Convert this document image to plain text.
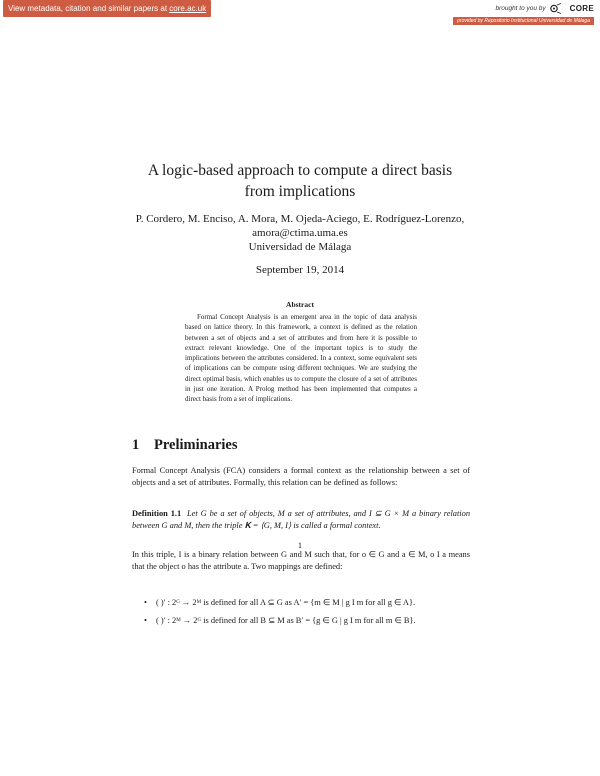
View metadata, citation and similar papers at core.ac.uk	brought to you by	CORE
provided by Repositorio Institucional Universidad de Málaga
A logic-based approach to compute a direct basis
from implications
P. Cordero, M. Enciso, A. Mora, M. Ojeda-Aciego, E. Rodríguez-Lorenzo,
amora@ctima.uma.es
Universidad de Málaga
September 19, 2014
Abstract
Formal Concept Analysis is an emergent area in the topic of data analysis based on lattice theory. In this framework, a context is defined as the relation between a set of objects and a set of attributes and from here it is possible to extract relevant knowledge. One of the important topics is to study the implications between the attributes considered. In a context, some equivalent sets of implications can be compute using different techniques. We are studying the direct optimal basis, which enables us to compute the closure of a set of attributes in just one iteration. A Prolog method has been implemented that computes a direct basis from a set of implications.
1 Preliminaries
Formal Concept Analysis (FCA) considers a formal context as the relationship between a set of objects and a set of attributes. Formally, this relation can be defined as follows:
Definition 1.1 Let G be a set of objects, M a set of attributes, and I ⊆ G × M a binary relation between G and M, then the triple 𝐊 = ⟨G, M, I⟩ is called a formal context.
In this triple, I is a binary relation between G and M such that, for o ∈ G and a ∈ M, o I a means that the object o has the attribute a. Two mappings are defined:
• ( )′ : 2ᴳ → 2ᴹ is defined for all A ⊆ G as A′ = {m ∈ M | g I m for all g ∈ A}.
• ( )′ : 2ᴹ → 2ᴳ is defined for all B ⊆ M as B′ = {g ∈ G | g I m for all m ∈ B}.
1
